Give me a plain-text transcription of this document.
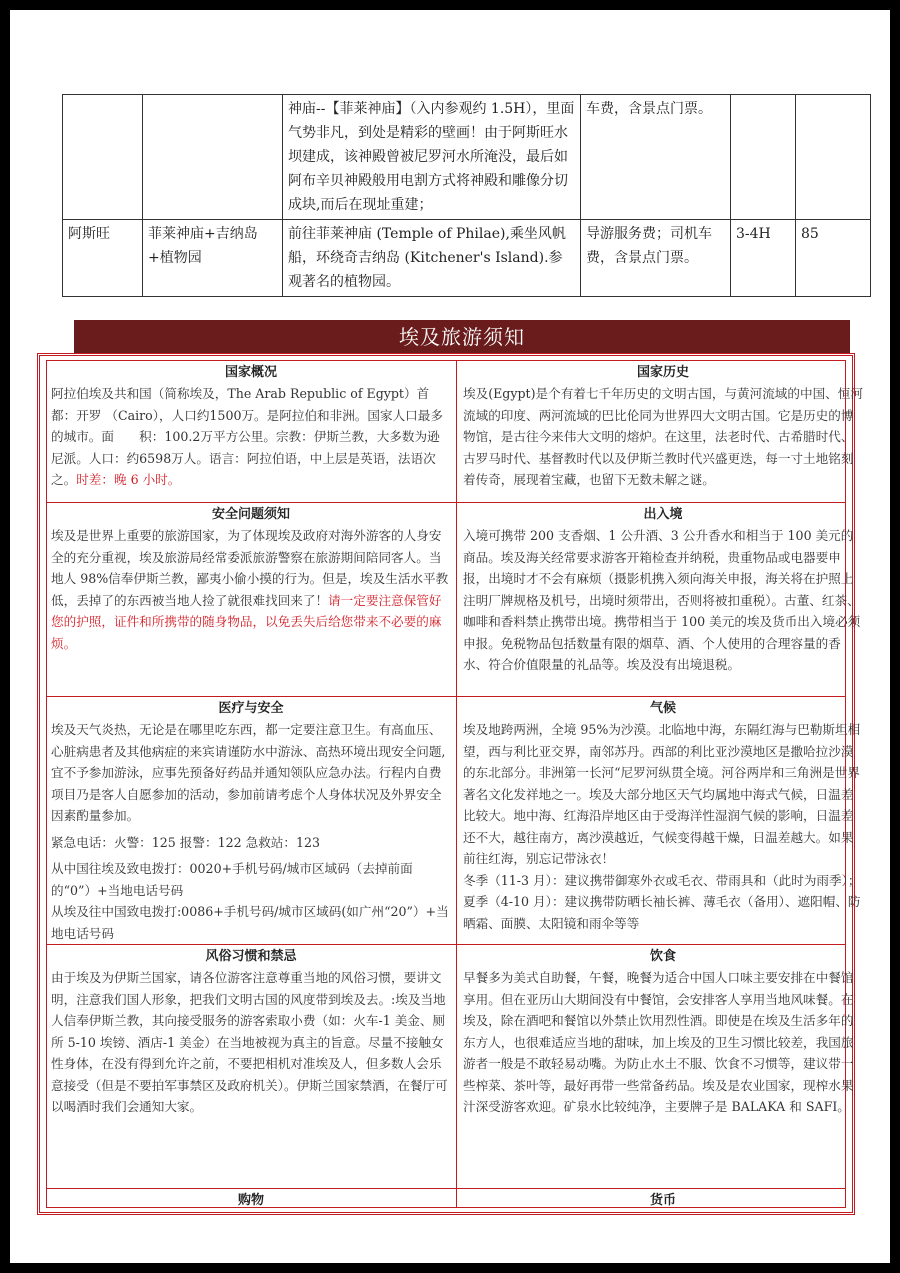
		神庙--【菲莱神庙】（入内参观约 1.5H），里面气势非凡，到处是精彩的壁画！由于阿斯旺水坝建成，该神殿曾被尼罗河水所淹没，最后如阿布辛贝神殿般用电割方式将神殿和雕像分切成块,而后在现址重建；	车费，含景点门票。		
阿斯旺	菲莱神庙+吉纳岛+植物园	前往菲莱神庙 (Temple of Philae),乘坐风帆船，环绕奇吉纳岛 (Kitchener's Island).参观著名的植物园。	导游服务费；司机车费，含景点门票。	3-4H	85
埃及旅游须知
国家概况

阿拉伯埃及共和国（简称埃及，The Arab Republic of Egypt）首都：开罗 （Cairo），人口约1500万。是阿拉伯和非洲。国家人口最多的城市。面　　积：100.2万平方公里。宗教：伊斯兰教，大多数为逊尼派。人口：约6598万人。语言：阿拉伯语，中上层是英语，法语次之。时差：晚 6 小时。

国家历史

埃及(Egypt)是个有着七千年历史的文明古国，与黄河流域的中国、恒河流域的印度、两河流域的巴比伦同为世界四大文明古国。它是历史的博物馆，是古往今来伟大文明的熔炉。在这里，法老时代、古希腊时代、古罗马时代、基督教时代以及伊斯兰教时代兴盛更迭，每一寸土地铭刻着传奇，展现着宝藏，也留下无数未解之谜。

安全问题须知

埃及是世界上重要的旅游国家，为了体现埃及政府对海外游客的人身安全的充分重视，埃及旅游局经常委派旅游警察在旅游期间陪同客人。当地人 98%信奉伊斯兰教，鄙夷小偷小摸的行为。但是，埃及生活水平教低，丢掉了的东西被当地人捡了就很难找回来了！请一定要注意保管好您的护照，证件和所携带的随身物品，以免丢失后给您带来不必要的麻烦。

出入境

入境可携带 200 支香烟、1 公升酒、3 公升香水和相当于 100 美元的商品。埃及海关经常要求游客开箱检查并纳税，贵重物品或电器要申报，出境时才不会有麻烦（摄影机携入须向海关申报，海关将在护照上注明厂牌规格及机号，出境时须带出，否则将被扣重税）。古董、红茶、咖啡和香料禁止携带出境。携带相当于 100 美元的埃及货币出入境必须申报。免税物品包括数量有限的烟草、酒、个人使用的合理容量的香水、符合价值限量的礼品等。埃及没有出境退税。

医疗与安全

埃及天气炎热，无论是在哪里吃东西，都一定要注意卫生。有高血压、心脏病患者及其他病症的来宾请谨防水中游泳、高热环境出现安全问题,宜不予参加游泳，应事先预备好药品并通知领队应急办法。行程内自费项目乃是客人自愿参加的活动，参加前请考虑个人身体状况及外界安全因素酌量参加。

紧急电话：火警：125 报警：122 急救站：123

从中国往埃及致电拨打：0020+手机号码/城市区域码（去掉前面的“0”）+当地电话号码

从埃及往中国致电拨打:0086+手机号码/城市区域码(如广州“20”）+当地电话号码

气候

埃及地跨两洲，全境 95%为沙漠。北临地中海，东隔红海与巴勒斯坦相望，西与利比亚交界，南邻苏丹。西部的利比亚沙漠地区是撒哈拉沙漠的东北部分。非洲第一长河“尼罗河纵贯全境。河谷两岸和三角洲是世界著名文化发祥地之一。埃及大部分地区天气均属地中海式气候，日温差比较大。地中海、红海沿岸地区由于受海洋性湿润气候的影响，日温差还不大，越往南方，离沙漠越近，气候变得越干燥，日温差越大。如果前往红海，别忘记带泳衣！

冬季（11-3 月）：建议携带御寒外衣或毛衣、带雨具和（此时为雨季）；

夏季（4-10 月）：建议携带防晒长袖长裤、薄毛衣（备用）、遮阳帽、防晒霜、面膜、太阳镜和雨伞等等

风俗习惯和禁忌

由于埃及为伊斯兰国家，请各位游客注意尊重当地的风俗习惯，要讲文明，注意我们国人形象，把我们文明古国的风度带到埃及去。:埃及当地人信奉伊斯兰教，其向接受服务的游客索取小费（如：火车-1 美金、厕所 5-10 埃镑、酒店-1 美金）在当地被视为真主的旨意。尽量不接触女性身体，在没有得到允许之前，不要把相机对准埃及人，但多数人会乐意接受（但是不要拍军事禁区及政府机关）。伊斯兰国家禁酒，在餐厅可以喝酒时我们会通知大家。

饮食

早餐多为美式自助餐，午餐，晚餐为适合中国人口味主要安排在中餐馆享用。但在亚历山大期间没有中餐馆，会安排客人享用当地风味餐。在埃及，除在酒吧和餐馆以外禁止饮用烈性酒。即使是在埃及生活多年的东方人，也很难适应当地的甜味，加上埃及的卫生习惯比较差，我国旅游者一般是不敢轻易动嘴。为防止水土不服、饮食不习惯等，建议带一些榨菜、茶叶等，最好再带一些常备药品。埃及是农业国家，现榨水果汁深受游客欢迎。矿泉水比较纯净，主要牌子是 BALAKA 和 SAFI。

购物	货币
